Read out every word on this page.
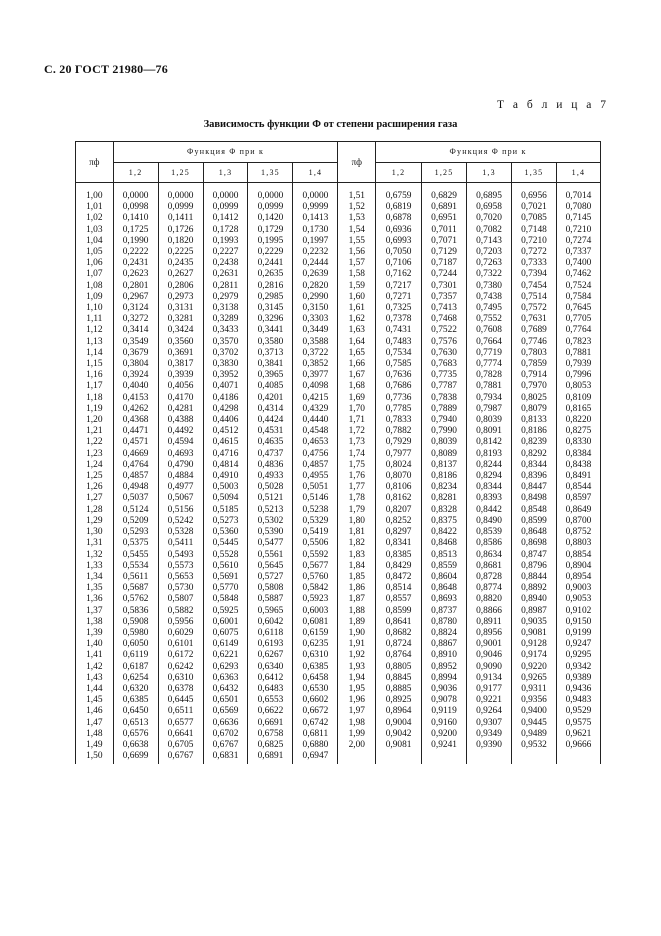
С. 20 ГОСТ 21980—76
Т а б л и ц а 7
Зависимость функции Φ от степени расширения газа
πф	Функция Φ при к					πф	Функция Φ при к				
	1,2	1,25	1,3	1,35	1,4		1,2	1,25	1,3	1,35	1,4
1,00	0,0000	0,0000	0,0000	0,0000	0,0000	1,51	0,6759	0,6829	0,6895	0,6956	0,7014
1,01	0,0998	0,0999	0,0999	0,0999	0,9999	1,52	0,6819	0,6891	0,6958	0,7021	0,7080
1,02	0,1410	0,1411	0,1412	0,1420	0,1413	1,53	0,6878	0,6951	0,7020	0,7085	0,7145
1,03	0,1725	0,1726	0,1728	0,1729	0,1730	1,54	0,6936	0,7011	0,7082	0,7148	0,7210
1,04	0,1990	0,1820	0,1993	0,1995	0,1997	1,55	0,6993	0,7071	0,7143	0,7210	0,7274
1,05	0,2222	0,2225	0,2227	0,2229	0,2232	1,56	0,7050	0,7129	0,7203	0,7272	0,7337
1,06	0,2431	0,2435	0,2438	0,2441	0,2444	1,57	0,7106	0,7187	0,7263	0,7333	0,7400
1,07	0,2623	0,2627	0,2631	0,2635	0,2639	1,58	0,7162	0,7244	0,7322	0,7394	0,7462
1,08	0,2801	0,2806	0,2811	0,2816	0,2820	1,59	0,7217	0,7301	0,7380	0,7454	0,7524
1,09	0,2967	0,2973	0,2979	0,2985	0,2990	1,60	0,7271	0,7357	0,7438	0,7514	0,7584
1,10	0,3124	0,3131	0,3138	0,3145	0,3150	1,61	0,7325	0,7413	0,7495	0,7572	0,7645
1,11	0,3272	0,3281	0,3289	0,3296	0,3303	1,62	0,7378	0,7468	0,7552	0,7631	0,7705
1,12	0,3414	0,3424	0,3433	0,3441	0,3449	1,63	0,7431	0,7522	0,7608	0,7689	0,7764
1,13	0,3549	0,3560	0,3570	0,3580	0,3588	1,64	0,7483	0,7576	0,7664	0,7746	0,7823
1,14	0,3679	0,3691	0,3702	0,3713	0,3722	1,65	0,7534	0,7630	0,7719	0,7803	0,7881
1,15	0,3804	0,3817	0,3830	0,3841	0,3852	1,66	0,7585	0,7683	0,7774	0,7859	0,7939
1,16	0,3924	0,3939	0,3952	0,3965	0,3977	1,67	0,7636	0,7735	0,7828	0,7914	0,7996
1,17	0,4040	0,4056	0,4071	0,4085	0,4098	1,68	0,7686	0,7787	0,7881	0,7970	0,8053
1,18	0,4153	0,4170	0,4186	0,4201	0,4215	1,69	0,7736	0,7838	0,7934	0,8025	0,8109
1,19	0,4262	0,4281	0,4298	0,4314	0,4329	1,70	0,7785	0,7889	0,7987	0,8079	0,8165
1,20	0,4368	0,4388	0,4406	0,4424	0,4440	1,71	0,7833	0,7940	0,8039	0,8133	0,8220
1,21	0,4471	0,4492	0,4512	0,4531	0,4548	1,72	0,7882	0,7990	0,8091	0,8186	0,8275
1,22	0,4571	0,4594	0,4615	0,4635	0,4653	1,73	0,7929	0,8039	0,8142	0,8239	0,8330
1,23	0,4669	0,4693	0,4716	0,4737	0,4756	1,74	0,7977	0,8089	0,8193	0,8292	0,8384
1,24	0,4764	0,4790	0,4814	0,4836	0,4857	1,75	0,8024	0,8137	0,8244	0,8344	0,8438
1,25	0,4857	0,4884	0,4910	0,4933	0,4955	1,76	0,8070	0,8186	0,8294	0,8396	0,8491
1,26	0,4948	0,4977	0,5003	0,5028	0,5051	1,77	0,8106	0,8234	0,8344	0,8447	0,8544
1,27	0,5037	0,5067	0,5094	0,5121	0,5146	1,78	0,8162	0,8281	0,8393	0,8498	0,8597
1,28	0,5124	0,5156	0,5185	0,5213	0,5238	1,79	0,8207	0,8328	0,8442	0,8548	0,8649
1,29	0,5209	0,5242	0,5273	0,5302	0,5329	1,80	0,8252	0,8375	0,8490	0,8599	0,8700
1,30	0,5293	0,5328	0,5360	0,5390	0,5419	1,81	0,8297	0,8422	0,8539	0,8648	0,8752
1,31	0,5375	0,5411	0,5445	0,5477	0,5506	1,82	0,8341	0,8468	0,8586	0,8698	0,8803
1,32	0,5455	0,5493	0,5528	0,5561	0,5592	1,83	0,8385	0,8513	0,8634	0,8747	0,8854
1,33	0,5534	0,5573	0,5610	0,5645	0,5677	1,84	0,8429	0,8559	0,8681	0,8796	0,8904
1,34	0,5611	0,5653	0,5691	0,5727	0,5760	1,85	0,8472	0,8604	0,8728	0,8844	0,8954
1,35	0,5687	0,5730	0,5770	0,5808	0,5842	1,86	0,8514	0,8648	0,8774	0,8892	0,9003
1,36	0,5762	0,5807	0,5848	0,5887	0,5923	1,87	0,8557	0,8693	0,8820	0,8940	0,9053
1,37	0,5836	0,5882	0,5925	0,5965	0,6003	1,88	0,8599	0,8737	0,8866	0,8987	0,9102
1,38	0,5908	0,5956	0,6001	0,6042	0,6081	1,89	0,8641	0,8780	0,8911	0,9035	0,9150
1,39	0,5980	0,6029	0,6075	0,6118	0,6159	1,90	0,8682	0,8824	0,8956	0,9081	0,9199
1,40	0,6050	0,6101	0,6149	0,6193	0,6235	1,91	0,8724	0,8867	0,9001	0,9128	0,9247
1,41	0,6119	0,6172	0,6221	0,6267	0,6310	1,92	0,8764	0,8910	0,9046	0,9174	0,9295
1,42	0,6187	0,6242	0,6293	0,6340	0,6385	1,93	0,8805	0,8952	0,9090	0,9220	0,9342
1,43	0,6254	0,6310	0,6363	0,6412	0,6458	1,94	0,8845	0,8994	0,9134	0,9265	0,9389
1,44	0,6320	0,6378	0,6432	0,6483	0,6530	1,95	0,8885	0,9036	0,9177	0,9311	0,9436
1,45	0,6385	0,6445	0,6501	0,6553	0,6602	1,96	0,8925	0,9078	0,9221	0,9356	0,9483
1,46	0,6450	0,6511	0,6569	0,6622	0,6672	1,97	0,8964	0,9119	0,9264	0,9400	0,9529
1,47	0,6513	0,6577	0,6636	0,6691	0,6742	1,98	0,9004	0,9160	0,9307	0,9445	0,9575
1,48	0,6576	0,6641	0,6702	0,6758	0,6811	1,99	0,9042	0,9200	0,9349	0,9489	0,9621
1,49	0,6638	0,6705	0,6767	0,6825	0,6880	2,00	0,9081	0,9241	0,9390	0,9532	0,9666
1,50	0,6699	0,6767	0,6831	0,6891	0,6947						
